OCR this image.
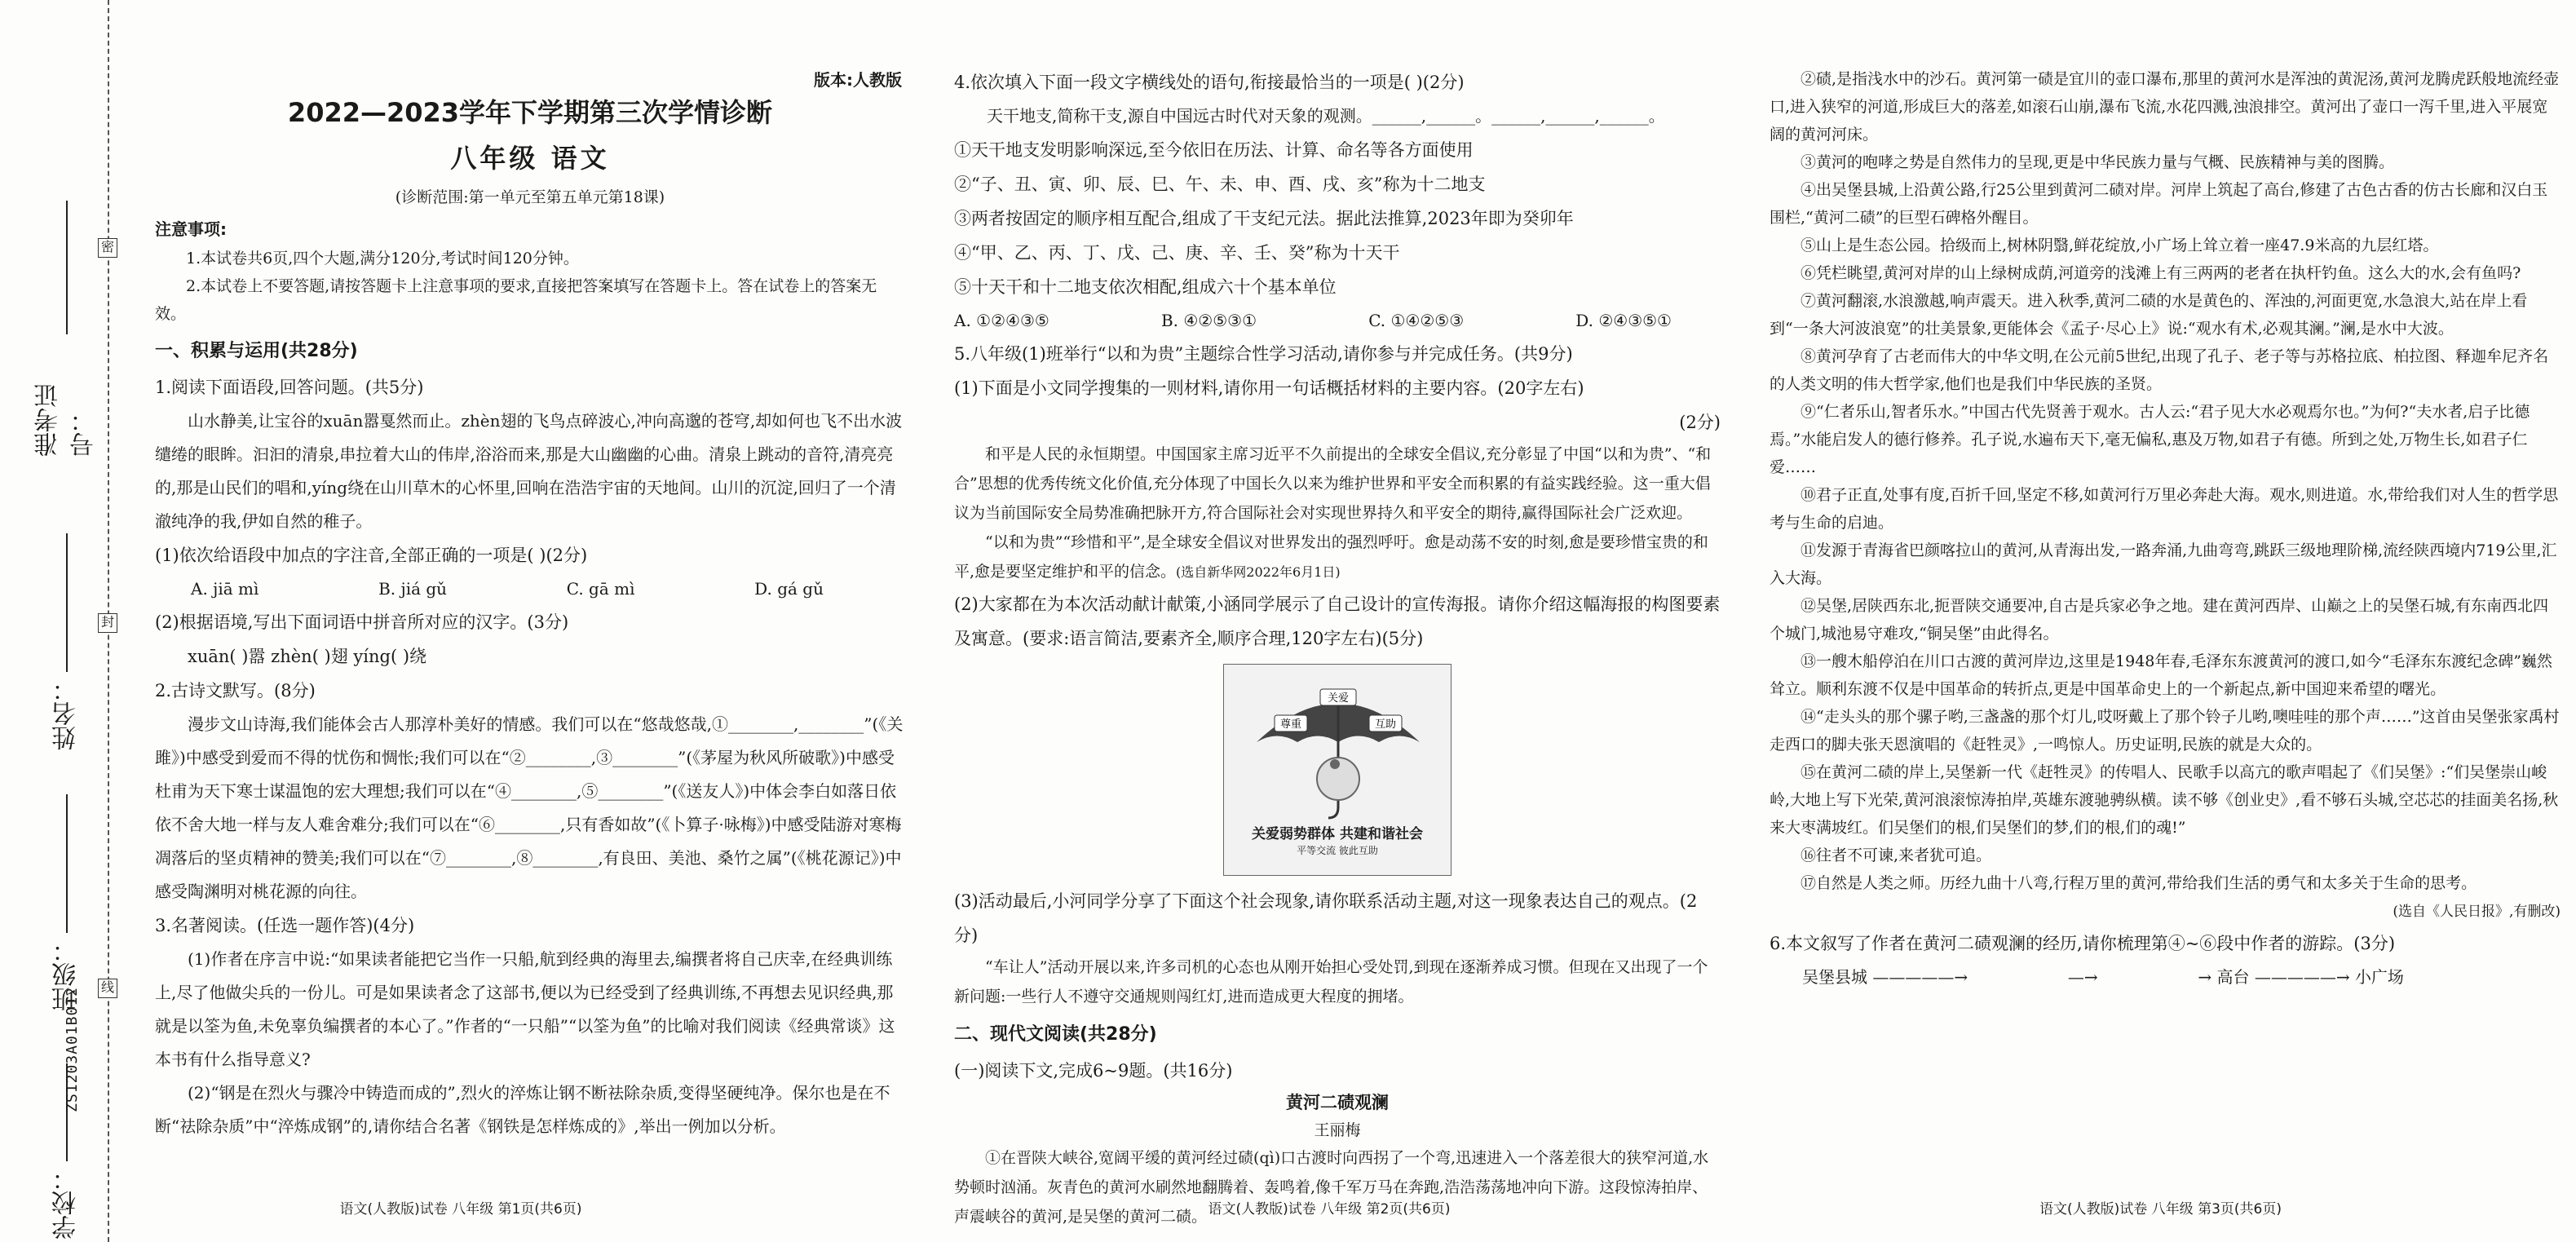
密
封
线
准考证号：
姓名：
班级：
学校：
ZS1203A01B012
版本:人教版
2022—2023学年下学期第三次学情诊断
八年级 语文
(诊断范围:第一单元至第五单元第18课)
注意事项:
1.本试卷共6页,四个大题,满分120分,考试时间120分钟。
2.本试卷上不要答题,请按答题卡上注意事项的要求,直接把答案填写在答题卡上。答在试卷上的答案无效。
一、积累与运用(共28分)
1.阅读下面语段,回答问题。(共5分)
山水静美,让宝谷的xuān嚣戛然而止。zhèn翅的飞鸟点碎波心,冲向高邈的苍穹,却如何也飞不出水波缱绻的眼眸。汩汩的清泉,串拉着大山的伟岸,浴浴而来,那是大山幽幽的心曲。清泉上跳动的音符,清亮亮的,那是山民们的唱和,yíng绕在山川草木的心怀里,回响在浩浩宇宙的天地间。山川的沉淀,回归了一个清澈纯净的我,伊如自然的稚子。
(1)依次给语段中加点的字注音,全部正确的一项是( )(2分)
A. jiā mì	B. jiá gǔ	C. gā mì	D. gá gǔ
(2)根据语境,写出下面词语中拼音所对应的汉字。(3分)
xuān( )嚣 zhèn( )翅 yíng( )绕
2.古诗文默写。(8分)
漫步文山诗海,我们能体会古人那淳朴美好的情感。我们可以在“悠哉悠哉,①________,________”(《关雎》)中感受到爱而不得的忧伤和惆怅;我们可以在“②________,③________”(《茅屋为秋风所破歌》)中感受杜甫为天下寒士谋温饱的宏大理想;我们可以在“④________,⑤________”(《送友人》)中体会李白如落日依依不舍大地一样与友人难舍难分;我们可以在“⑥________,只有香如故”(《卜算子·咏梅》)中感受陆游对寒梅凋落后的坚贞精神的赞美;我们可以在“⑦________,⑧________,有良田、美池、桑竹之属”(《桃花源记》)中感受陶渊明对桃花源的向往。
3.名著阅读。(任选一题作答)(4分)
(1)作者在序言中说:“如果读者能把它当作一只船,航到经典的海里去,编撰者将自己庆幸,在经典训练上,尽了他做尖兵的一份儿。可是如果读者念了这部书,便以为已经受到了经典训练,不再想去见识经典,那就是以筌为鱼,未免辜负编撰者的本心了。”作者的“一只船”“以筌为鱼”的比喻对我们阅读《经典常谈》这本书有什么指导意义?
(2)“钢是在烈火与骤冷中铸造而成的”,烈火的淬炼让钢不断祛除杂质,变得坚硬纯净。保尔也是在不断“祛除杂质”中“淬炼成钢”的,请你结合名著《钢铁是怎样炼成的》,举出一例加以分析。
语文(人教版)试卷 八年级 第1页(共6页)
4.依次填入下面一段文字横线处的语句,衔接最恰当的一项是( )(2分)
天干地支,简称干支,源自中国远古时代对天象的观测。______,______。______,______,______。
①天干地支发明影响深远,至今依旧在历法、计算、命名等各方面使用
②“子、丑、寅、卯、辰、巳、午、未、申、酉、戌、亥”称为十二地支
③两者按固定的顺序相互配合,组成了干支纪元法。据此法推算,2023年即为癸卯年
④“甲、乙、丙、丁、戊、己、庚、辛、壬、癸”称为十天干
⑤十天干和十二地支依次相配,组成六十个基本单位
A. ①②④③⑤	B. ④②⑤③①	C. ①④②⑤③	D. ②④③⑤①
5.八年级(1)班举行“以和为贵”主题综合性学习活动,请你参与并完成任务。(共9分)
(1)下面是小文同学搜集的一则材料,请你用一句话概括材料的主要内容。(20字左右)
(2分)
和平是人民的永恒期望。中国国家主席习近平不久前提出的全球安全倡议,充分彰显了中国“以和为贵”、“和合”思想的优秀传统文化价值,充分体现了中国长久以来为维护世界和平安全而积累的有益实践经验。这一重大倡议为当前国际安全局势准确把脉开方,符合国际社会对实现世界持久和平安全的期待,赢得国际社会广泛欢迎。
“以和为贵”“珍惜和平”,是全球安全倡议对世界发出的强烈呼吁。愈是动荡不安的时刻,愈是要珍惜宝贵的和平,愈是要坚定维护和平的信念。(选自新华网2022年6月1日)
(2)大家都在为本次活动献计献策,小涵同学展示了自己设计的宣传海报。请你介绍这幅海报的构图要素及寓意。(要求:语言简洁,要素齐全,顺序合理,120字左右)(5分)
关爱
尊重	互助
关爱弱势群体 共建和谐社会
平等交流 彼此互助
(3)活动最后,小河同学分享了下面这个社会现象,请你联系活动主题,对这一现象表达自己的观点。(2分)
“车让人”活动开展以来,许多司机的心态也从刚开始担心受处罚,到现在逐渐养成习惯。但现在又出现了一个新问题:一些行人不遵守交通规则闯红灯,进而造成更大程度的拥堵。
二、现代文阅读(共28分)
(一)阅读下文,完成6~9题。(共16分)
黄河二碛观澜
王丽梅
①在晋陕大峡谷,宽阔平缓的黄河经过碛(qì)口古渡时向西拐了一个弯,迅速进入一个落差很大的狭窄河道,水势顿时汹涌。灰青色的黄河水刷然地翻腾着、轰鸣着,像千军万马在奔跑,浩浩荡荡地冲向下游。这段惊涛拍岸、声震峡谷的黄河,是吴堡的黄河二碛。 语文(人教版)试卷 八年级 第2页(共6页)
②碛,是指浅水中的沙石。黄河第一碛是宜川的壶口瀑布,那里的黄河水是浑浊的黄泥汤,黄河龙腾虎跃般地流经壶口,进入狭窄的河道,形成巨大的落差,如滚石山崩,瀑布飞流,水花四溅,浊浪排空。黄河出了壶口一泻千里,进入平展宽阔的黄河河床。
③黄河的咆哮之势是自然伟力的呈现,更是中华民族力量与气概、民族精神与美的图腾。
④出吴堡县城,上沿黄公路,行25公里到黄河二碛对岸。河岸上筑起了高台,修建了古色古香的仿古长廊和汉白玉围栏,“黄河二碛”的巨型石碑格外醒目。
⑤山上是生态公园。拾级而上,树林阴翳,鲜花绽放,小广场上耸立着一座47.9米高的九层红塔。
⑥凭栏眺望,黄河对岸的山上绿树成荫,河道旁的浅滩上有三两两的老者在执杆钓鱼。这么大的水,会有鱼吗?
⑦黄河翻滚,水浪激越,响声震天。进入秋季,黄河二碛的水是黄色的、浑浊的,河面更宽,水急浪大,站在岸上看到“一条大河波浪宽”的壮美景象,更能体会《孟子·尽心上》说:“观水有术,必观其澜。”澜,是水中大波。
⑧黄河孕育了古老而伟大的中华文明,在公元前5世纪,出现了孔子、老子等与苏格拉底、柏拉图、释迦牟尼齐名的人类文明的伟大哲学家,他们也是我们中华民族的圣贤。
⑨“仁者乐山,智者乐水。”中国古代先贤善于观水。古人云:“君子见大水必观焉尔也。”为何?“夫水者,启子比德焉。”水能启发人的德行修养。孔子说,水遍布天下,毫无偏私,惠及万物,如君子有德。所到之处,万物生长,如君子仁爱……
⑩君子正直,处事有度,百折千回,坚定不移,如黄河行万里必奔赴大海。观水,则进道。水,带给我们对人生的哲学思考与生命的启迪。
⑪发源于青海省巴颜喀拉山的黄河,从青海出发,一路奔涌,九曲弯弯,跳跃三级地理阶梯,流经陕西境内719公里,汇入大海。
⑫吴堡,居陕西东北,扼晋陕交通要冲,自古是兵家必争之地。建在黄河西岸、山巅之上的吴堡石城,有东南西北四个城门,城池易守难攻,“铜吴堡”由此得名。
⑬一艘木船停泊在川口古渡的黄河岸边,这里是1948年春,毛泽东东渡黄河的渡口,如今“毛泽东东渡纪念碑”巍然耸立。顺利东渡不仅是中国革命的转折点,更是中国革命史上的一个新起点,新中国迎来希望的曙光。
⑭“走头头的那个骡子哟,三盏盏的那个灯儿,哎呀戴上了那个铃子儿哟,噢哇哇的那个声……”这首由吴堡张家禹村走西口的脚夫张天恩演唱的《赶牲灵》,一鸣惊人。历史证明,民族的就是大众的。
⑮在黄河二碛的岸上,吴堡新一代《赶牲灵》的传唱人、民歌手以高亢的歌声唱起了《们吴堡》:“们吴堡崇山峻岭,大地上写下光荣,黄河浪滚惊涛拍岸,英雄东渡驰骋纵横。读不够《创业史》,看不够石头城,空芯芯的挂面美名扬,秋来大枣满坡红。们吴堡们的根,们吴堡们的梦,们的根,们的魂!”
⑯往者不可谏,来者犹可追。
⑰自然是人类之师。历经九曲十八弯,行程万里的黄河,带给我们生活的勇气和太多关于生命的思考。
(选自《人民日报》,有删改)
6.本文叙写了作者在黄河二碛观澜的经历,请你梳理第④~⑥段中作者的游踪。(3分)
吴堡县城 —————→	—→	→ 高台 —————→ 小广场
语文(人教版)试卷 八年级 第3页(共6页)
